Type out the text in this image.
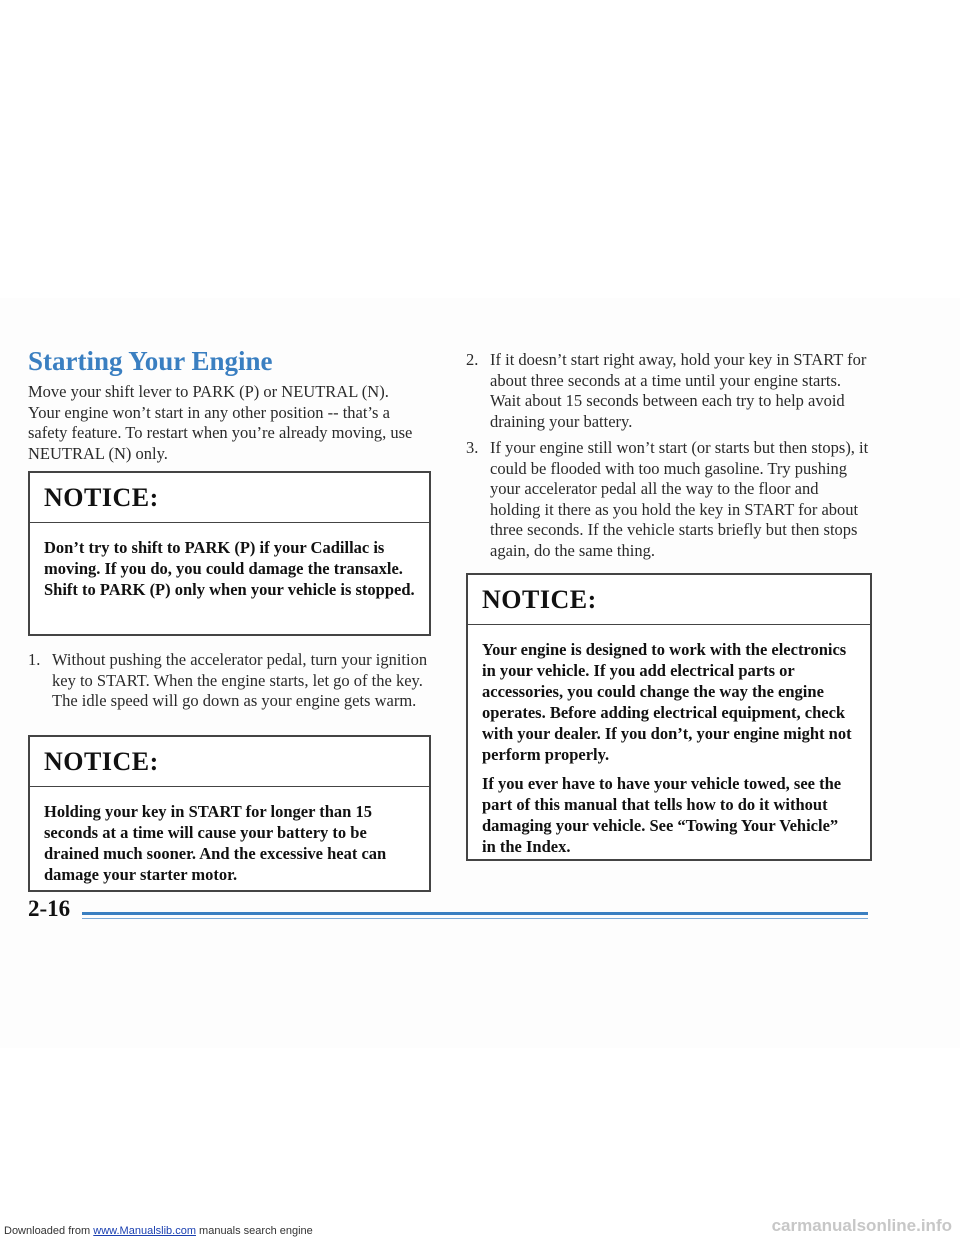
Starting Your Engine

Move your shift lever to PARK (P) or NEUTRAL (N). Your engine won’t start in any other position -- that’s a safety feature. To restart when you’re already moving, use NEUTRAL (N) only.

NOTICE:

Don’t try to shift to PARK (P) if your Cadillac is moving. If you do, you could damage the transaxle. Shift to PARK (P) only when your vehicle is stopped.

1. Without pushing the accelerator pedal, turn your ignition key to START. When the engine starts, let go of the key. The idle speed will go down as your engine gets warm.
NOTICE:

Holding your key in START for longer than 15 seconds at a time will cause your battery to be drained much sooner. And the excessive heat can damage your starter motor.

2. If it doesn’t start right away, hold your key in START for about three seconds at a time until your engine starts. Wait about 15 seconds between each try to help avoid draining your battery.
3. If your engine still won’t start (or starts but then stops), it could be flooded with too much gasoline. Try pushing your accelerator pedal all the way to the floor and holding it there as you hold the key in START for about three seconds. If the vehicle starts briefly but then stops again, do the same thing.
NOTICE:

Your engine is designed to work with the electronics in your vehicle. If you add electrical parts or accessories, you could change the way the engine operates. Before adding electrical equipment, check with your dealer. If you don’t, your engine might not perform properly.

If you ever have to have your vehicle towed, see the part of this manual that tells how to do it without damaging your vehicle. See “Towing Your Vehicle” in the Index.

2-16
Downloaded from www.Manualslib.com manuals search engine	carmanualsonline.info
